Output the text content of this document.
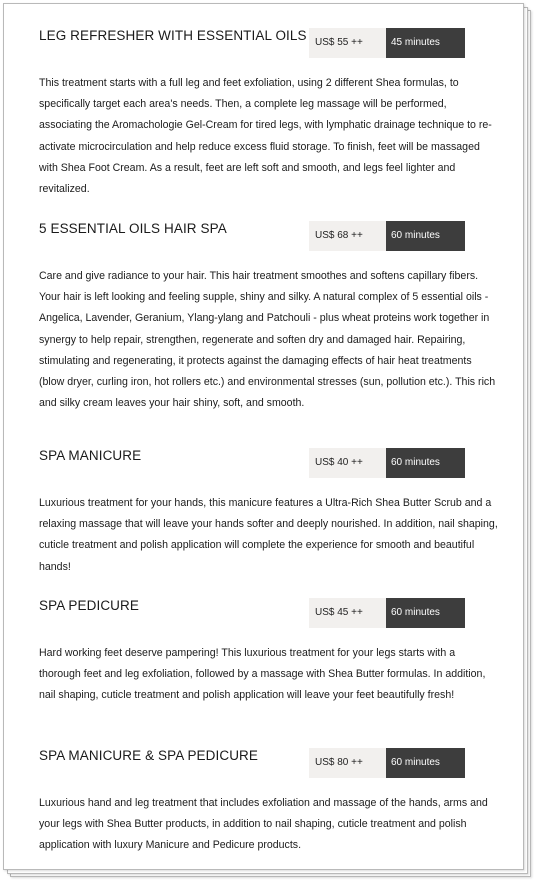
LEG REFRESHER WITH ESSENTIAL OILS US$ 55 ++	45 minutes

This treatment starts with a full leg and feet exfoliation, using 2 different Shea formulas, to specifically target each area's needs. Then, a complete leg massage will be performed, associating the Aromachologie Gel-Cream for tired legs, with lymphatic drainage technique to re-activate microcirculation and help reduce excess fluid storage. To finish, feet will be massaged with Shea Foot Cream. As a result, feet are left soft and smooth, and legs feel lighter and revitalized.

5 ESSENTIAL OILS HAIR SPA	US$ 68 ++	60 minutes

Care and give radiance to your hair. This hair treatment smoothes and softens capillary fibers. Your hair is left looking and feeling supple, shiny and silky. A natural complex of 5 essential oils - Angelica, Lavender, Geranium, Ylang-ylang and Patchouli - plus wheat proteins work together in synergy to help repair, strengthen, regenerate and soften dry and damaged hair. Repairing, stimulating and regenerating, it protects against the damaging effects of hair heat treatments (blow dryer, curling iron, hot rollers etc.) and environmental stresses (sun, pollution etc.). This rich and silky cream leaves your hair shiny, soft, and smooth.

SPA MANICURE	US$ 40 ++	60 minutes

Luxurious treatment for your hands, this manicure features a Ultra-Rich Shea Butter Scrub and a relaxing massage that will leave your hands softer and deeply nourished. In addition, nail shaping, cuticle treatment and polish application will complete the experience for smooth and beautiful hands!

SPA PEDICURE	US$ 45 ++	60 minutes

Hard working feet deserve pampering! This luxurious treatment for your legs starts with a thorough feet and leg exfoliation, followed by a massage with Shea Butter formulas. In addition, nail shaping, cuticle treatment and polish application will leave your feet beautifully fresh!

SPA MANICURE & SPA PEDICURE	US$ 80 ++	60 minutes

Luxurious hand and leg treatment that includes exfoliation and massage of the hands, arms and your legs with Shea Butter products, in addition to nail shaping, cuticle treatment and polish application with luxury Manicure and Pedicure products.
